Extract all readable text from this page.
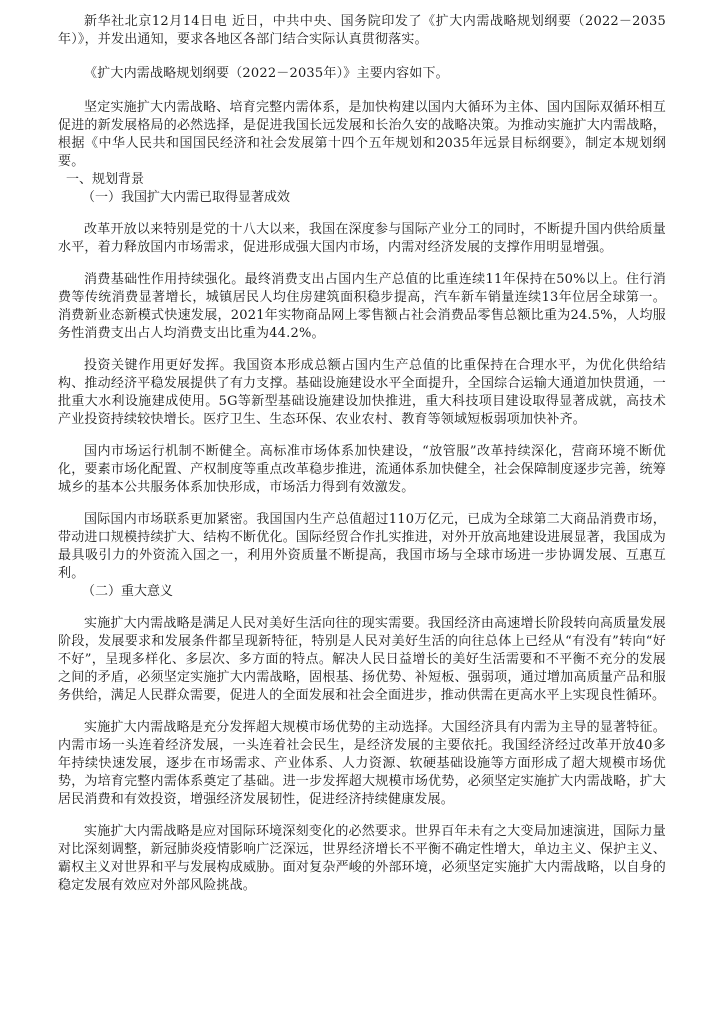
新华社北京12月14日电 近日，中共中央、国务院印发了《扩大内需战略规划纲要（2022－2035年）》，并发出通知，要求各地区各部门结合实际认真贯彻落实。

《扩大内需战略规划纲要（2022－2035年）》主要内容如下。

坚定实施扩大内需战略、培育完整内需体系，是加快构建以国内大循环为主体、国内国际双循环相互促进的新发展格局的必然选择，是促进我国长远发展和长治久安的战略决策。为推动实施扩大内需战略，根据《中华人民共和国国民经济和社会发展第十四个五年规划和2035年远景目标纲要》，制定本规划纲要。

一、规划背景

（一）我国扩大内需已取得显著成效

改革开放以来特别是党的十八大以来，我国在深度参与国际产业分工的同时，不断提升国内供给质量水平，着力释放国内市场需求，促进形成强大国内市场，内需对经济发展的支撑作用明显增强。

消费基础性作用持续强化。最终消费支出占国内生产总值的比重连续11年保持在50%以上。住行消费等传统消费显著增长，城镇居民人均住房建筑面积稳步提高，汽车新车销量连续13年位居全球第一。消费新业态新模式快速发展，2021年实物商品网上零售额占社会消费品零售总额比重为24.5%，人均服务性消费支出占人均消费支出比重为44.2%。

投资关键作用更好发挥。我国资本形成总额占国内生产总值的比重保持在合理水平，为优化供给结构、推动经济平稳发展提供了有力支撑。基础设施建设水平全面提升，全国综合运输大通道加快贯通，一批重大水利设施建成使用。5G等新型基础设施建设加快推进，重大科技项目建设取得显著成就，高技术产业投资持续较快增长。医疗卫生、生态环保、农业农村、教育等领域短板弱项加快补齐。

国内市场运行机制不断健全。高标准市场体系加快建设，“放管服”改革持续深化，营商环境不断优化，要素市场化配置、产权制度等重点改革稳步推进，流通体系加快健全，社会保障制度逐步完善，统筹城乡的基本公共服务体系加快形成，市场活力得到有效激发。

国际国内市场联系更加紧密。我国国内生产总值超过110万亿元，已成为全球第二大商品消费市场，带动进口规模持续扩大、结构不断优化。国际经贸合作扎实推进，对外开放高地建设进展显著，我国成为最具吸引力的外资流入国之一，利用外资质量不断提高，我国市场与全球市场进一步协调发展、互惠互利。

（二）重大意义

实施扩大内需战略是满足人民对美好生活向往的现实需要。我国经济由高速增长阶段转向高质量发展阶段，发展要求和发展条件都呈现新特征，特别是人民对美好生活的向往总体上已经从“有没有”转向“好不好”，呈现多样化、多层次、多方面的特点。解决人民日益增长的美好生活需要和不平衡不充分的发展之间的矛盾，必须坚定实施扩大内需战略，固根基、扬优势、补短板、强弱项，通过增加高质量产品和服务供给，满足人民群众需要，促进人的全面发展和社会全面进步，推动供需在更高水平上实现良性循环。

实施扩大内需战略是充分发挥超大规模市场优势的主动选择。大国经济具有内需为主导的显著特征。内需市场一头连着经济发展，一头连着社会民生，是经济发展的主要依托。我国经济经过改革开放40多年持续快速发展，逐步在市场需求、产业体系、人力资源、软硬基础设施等方面形成了超大规模市场优势，为培育完整内需体系奠定了基础。进一步发挥超大规模市场优势，必须坚定实施扩大内需战略，扩大居民消费和有效投资，增强经济发展韧性，促进经济持续健康发展。

实施扩大内需战略是应对国际环境深刻变化的必然要求。世界百年未有之大变局加速演进，国际力量对比深刻调整，新冠肺炎疫情影响广泛深远，世界经济增长不平衡不确定性增大，单边主义、保护主义、霸权主义对世界和平与发展构成威胁。面对复杂严峻的外部环境，必须坚定实施扩大内需战略，以自身的稳定发展有效应对外部风险挑战。
